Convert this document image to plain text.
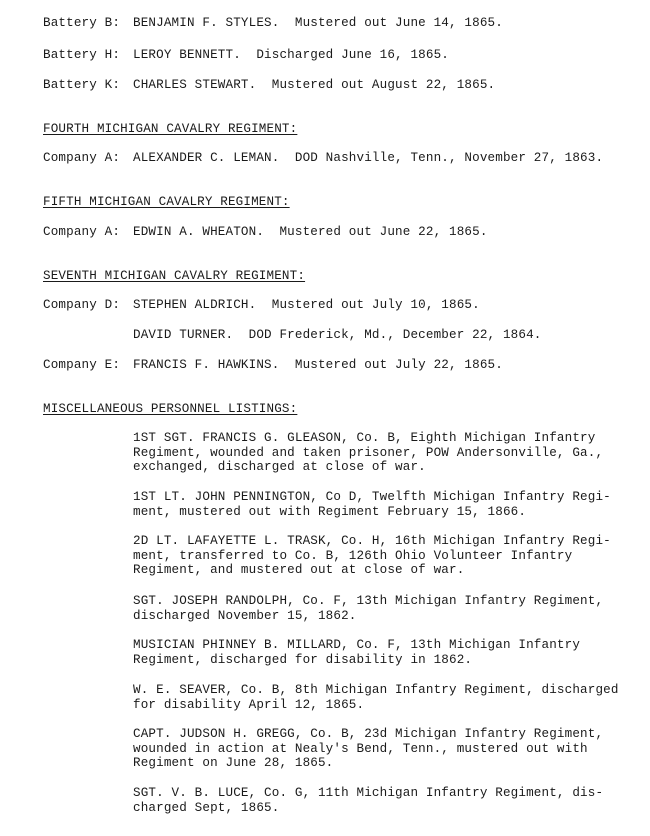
Battery B: BENJAMIN F. STYLES.  Mustered out June 14, 1865.
Battery H: LEROY BENNETT.  Discharged June 16, 1865.
Battery K: CHARLES STEWART.  Mustered out August 22, 1865.
FOURTH MICHIGAN CAVALRY REGIMENT:
Company A: ALEXANDER C. LEMAN.  DOD Nashville, Tenn., November 27, 1863.
FIFTH MICHIGAN CAVALRY REGIMENT:
Company A: EDWIN A. WHEATON.  Mustered out June 22, 1865.
SEVENTH MICHIGAN CAVALRY REGIMENT:
Company D: STEPHEN ALDRICH.  Mustered out July 10, 1865.
DAVID TURNER.  DOD Frederick, Md., December 22, 1864.
Company E: FRANCIS F. HAWKINS.  Mustered out July 22, 1865.
MISCELLANEOUS PERSONNEL LISTINGS:
1ST SGT. FRANCIS G. GLEASON, Co. B, Eighth Michigan Infantry
Regiment, wounded and taken prisoner, POW Andersonville, Ga.,
exchanged, discharged at close of war.
1ST LT. JOHN PENNINGTON, Co D, Twelfth Michigan Infantry Regi-
ment, mustered out with Regiment February 15, 1866.
2D LT. LAFAYETTE L. TRASK, Co. H, 16th Michigan Infantry Regi-
ment, transferred to Co. B, 126th Ohio Volunteer Infantry
Regiment, and mustered out at close of war.
SGT. JOSEPH RANDOLPH, Co. F, 13th Michigan Infantry Regiment,
discharged November 15, 1862.
MUSICIAN PHINNEY B. MILLARD, Co. F, 13th Michigan Infantry
Regiment, discharged for disability in 1862.
W. E. SEAVER, Co. B, 8th Michigan Infantry Regiment, discharged
for disability April 12, 1865.
CAPT. JUDSON H. GREGG, Co. B, 23d Michigan Infantry Regiment,
wounded in action at Nealy's Bend, Tenn., mustered out with
Regiment on June 28, 1865.
SGT. V. B. LUCE, Co. G, 11th Michigan Infantry Regiment, dis-
charged Sept, 1865.
